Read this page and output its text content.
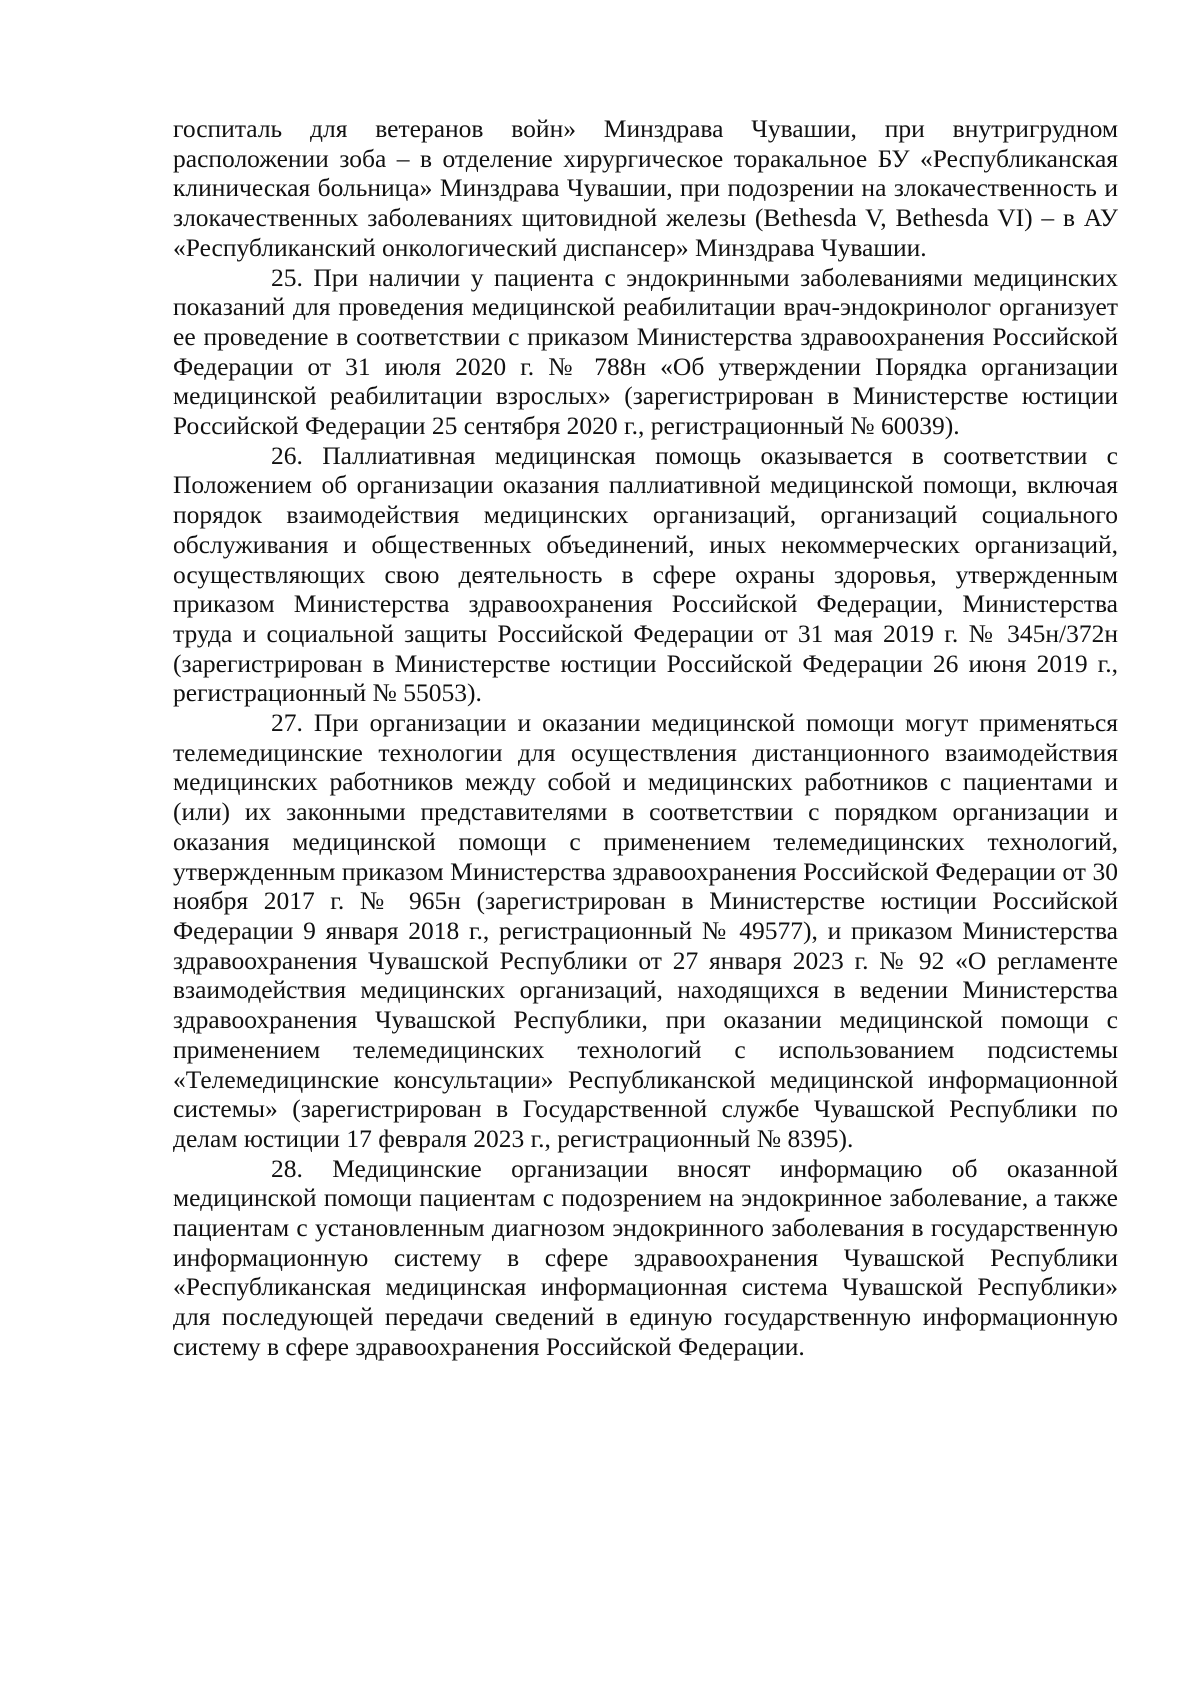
госпиталь для ветеранов войн» Минздрава Чувашии, при внутригрудном расположении зоба – в отделение хирургическое торакальное БУ «Республиканская клиническая больница» Минздрава Чувашии, при подозрении на злокачественность и злокачественных заболеваниях щитовидной железы (Bethesda V, Bethesda VI) – в АУ «Республиканский онкологический диспансер» Минздрава Чувашии.

25. При наличии у пациента с эндокринными заболеваниями медицинских показаний для проведения медицинской реабилитации врач-эндокринолог организует ее проведение в соответствии с приказом Министерства здравоохранения Российской Федерации от 31 июля 2020 г. № 788н «Об утверждении Порядка организации медицинской реабилитации взрослых» (зарегистрирован в Министерстве юстиции Российской Федерации 25 сентября 2020 г., регистрационный № 60039).

26. Паллиативная медицинская помощь оказывается в соответствии с Положением об организации оказания паллиативной медицинской помощи, включая порядок взаимодействия медицинских организаций, организаций социального обслуживания и общественных объединений, иных некоммерческих организаций, осуществляющих свою деятельность в сфере охраны здоровья, утвержденным приказом Министерства здравоохранения Российской Федерации, Министерства труда и социальной защиты Российской Федерации от 31 мая 2019 г. № 345н/372н (зарегистрирован в Министерстве юстиции Российской Федерации 26 июня 2019 г., регистрационный № 55053).

27. При организации и оказании медицинской помощи могут применяться телемедицинские технологии для осуществления дистанционного взаимодействия медицинских работников между собой и медицинских работников с пациентами и (или) их законными представителями в соответствии с порядком организации и оказания медицинской помощи с применением телемедицинских технологий, утвержденным приказом Министерства здравоохранения Российской Федерации от 30 ноября 2017 г. № 965н (зарегистрирован в Министерстве юстиции Российской Федерации 9 января 2018 г., регистрационный № 49577), и приказом Министерства здравоохранения Чувашской Республики от 27 января 2023 г. № 92 «О регламенте взаимодействия медицинских организаций, находящихся в ведении Министерства здравоохранения Чувашской Республики, при оказании медицинской помощи с применением телемедицинских технологий с использованием подсистемы «Телемедицинские консультации» Республиканской медицинской информационной системы» (зарегистрирован в Государственной службе Чувашской Республики по делам юстиции 17 февраля 2023 г., регистрационный № 8395).

28. Медицинские организации вносят информацию об оказанной медицинской помощи пациентам с подозрением на эндокринное заболевание, а также пациентам с установленным диагнозом эндокринного заболевания в государственную информационную систему в сфере здравоохранения Чувашской Республики «Республиканская медицинская информационная система Чувашской Республики» для последующей передачи сведений в единую государственную информационную систему в сфере здравоохранения Российской Федерации.
